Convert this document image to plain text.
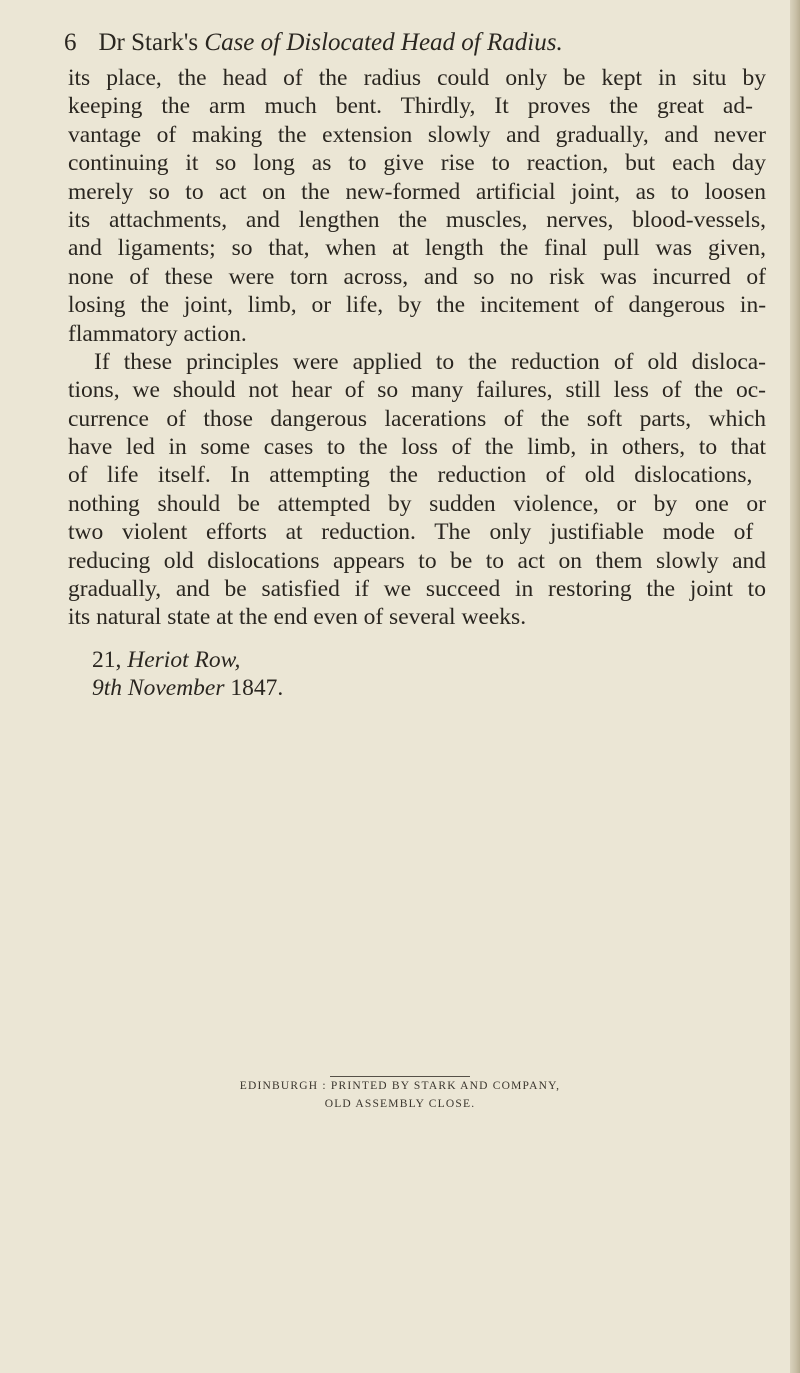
6 Dr Stark's Case of Dislocated Head of Radius.
its place, the head of the radius could only be kept in situ by
keeping the arm much bent. Thirdly, It proves the great ad-
vantage of making the extension slowly and gradually, and never
continuing it so long as to give rise to reaction, but each day
merely so to act on the new-formed artificial joint, as to loosen
its attachments, and lengthen the muscles, nerves, blood-vessels,
and ligaments; so that, when at length the final pull was given,
none of these were torn across, and so no risk was incurred of
losing the joint, limb, or life, by the incitement of dangerous in-
flammatory action.
If these principles were applied to the reduction of old disloca-
tions, we should not hear of so many failures, still less of the oc-
currence of those dangerous lacerations of the soft parts, which
have led in some cases to the loss of the limb, in others, to that
of life itself. In attempting the reduction of old dislocations,
nothing should be attempted by sudden violence, or by one or
two violent efforts at reduction. The only justifiable mode of
reducing old dislocations appears to be to act on them slowly and
gradually, and be satisfied if we succeed in restoring the joint to
its natural state at the end even of several weeks.
21, Heriot Row,
9th November 1847.
EDINBURGH : PRINTED BY STARK AND COMPANY,
OLD ASSEMBLY CLOSE.
